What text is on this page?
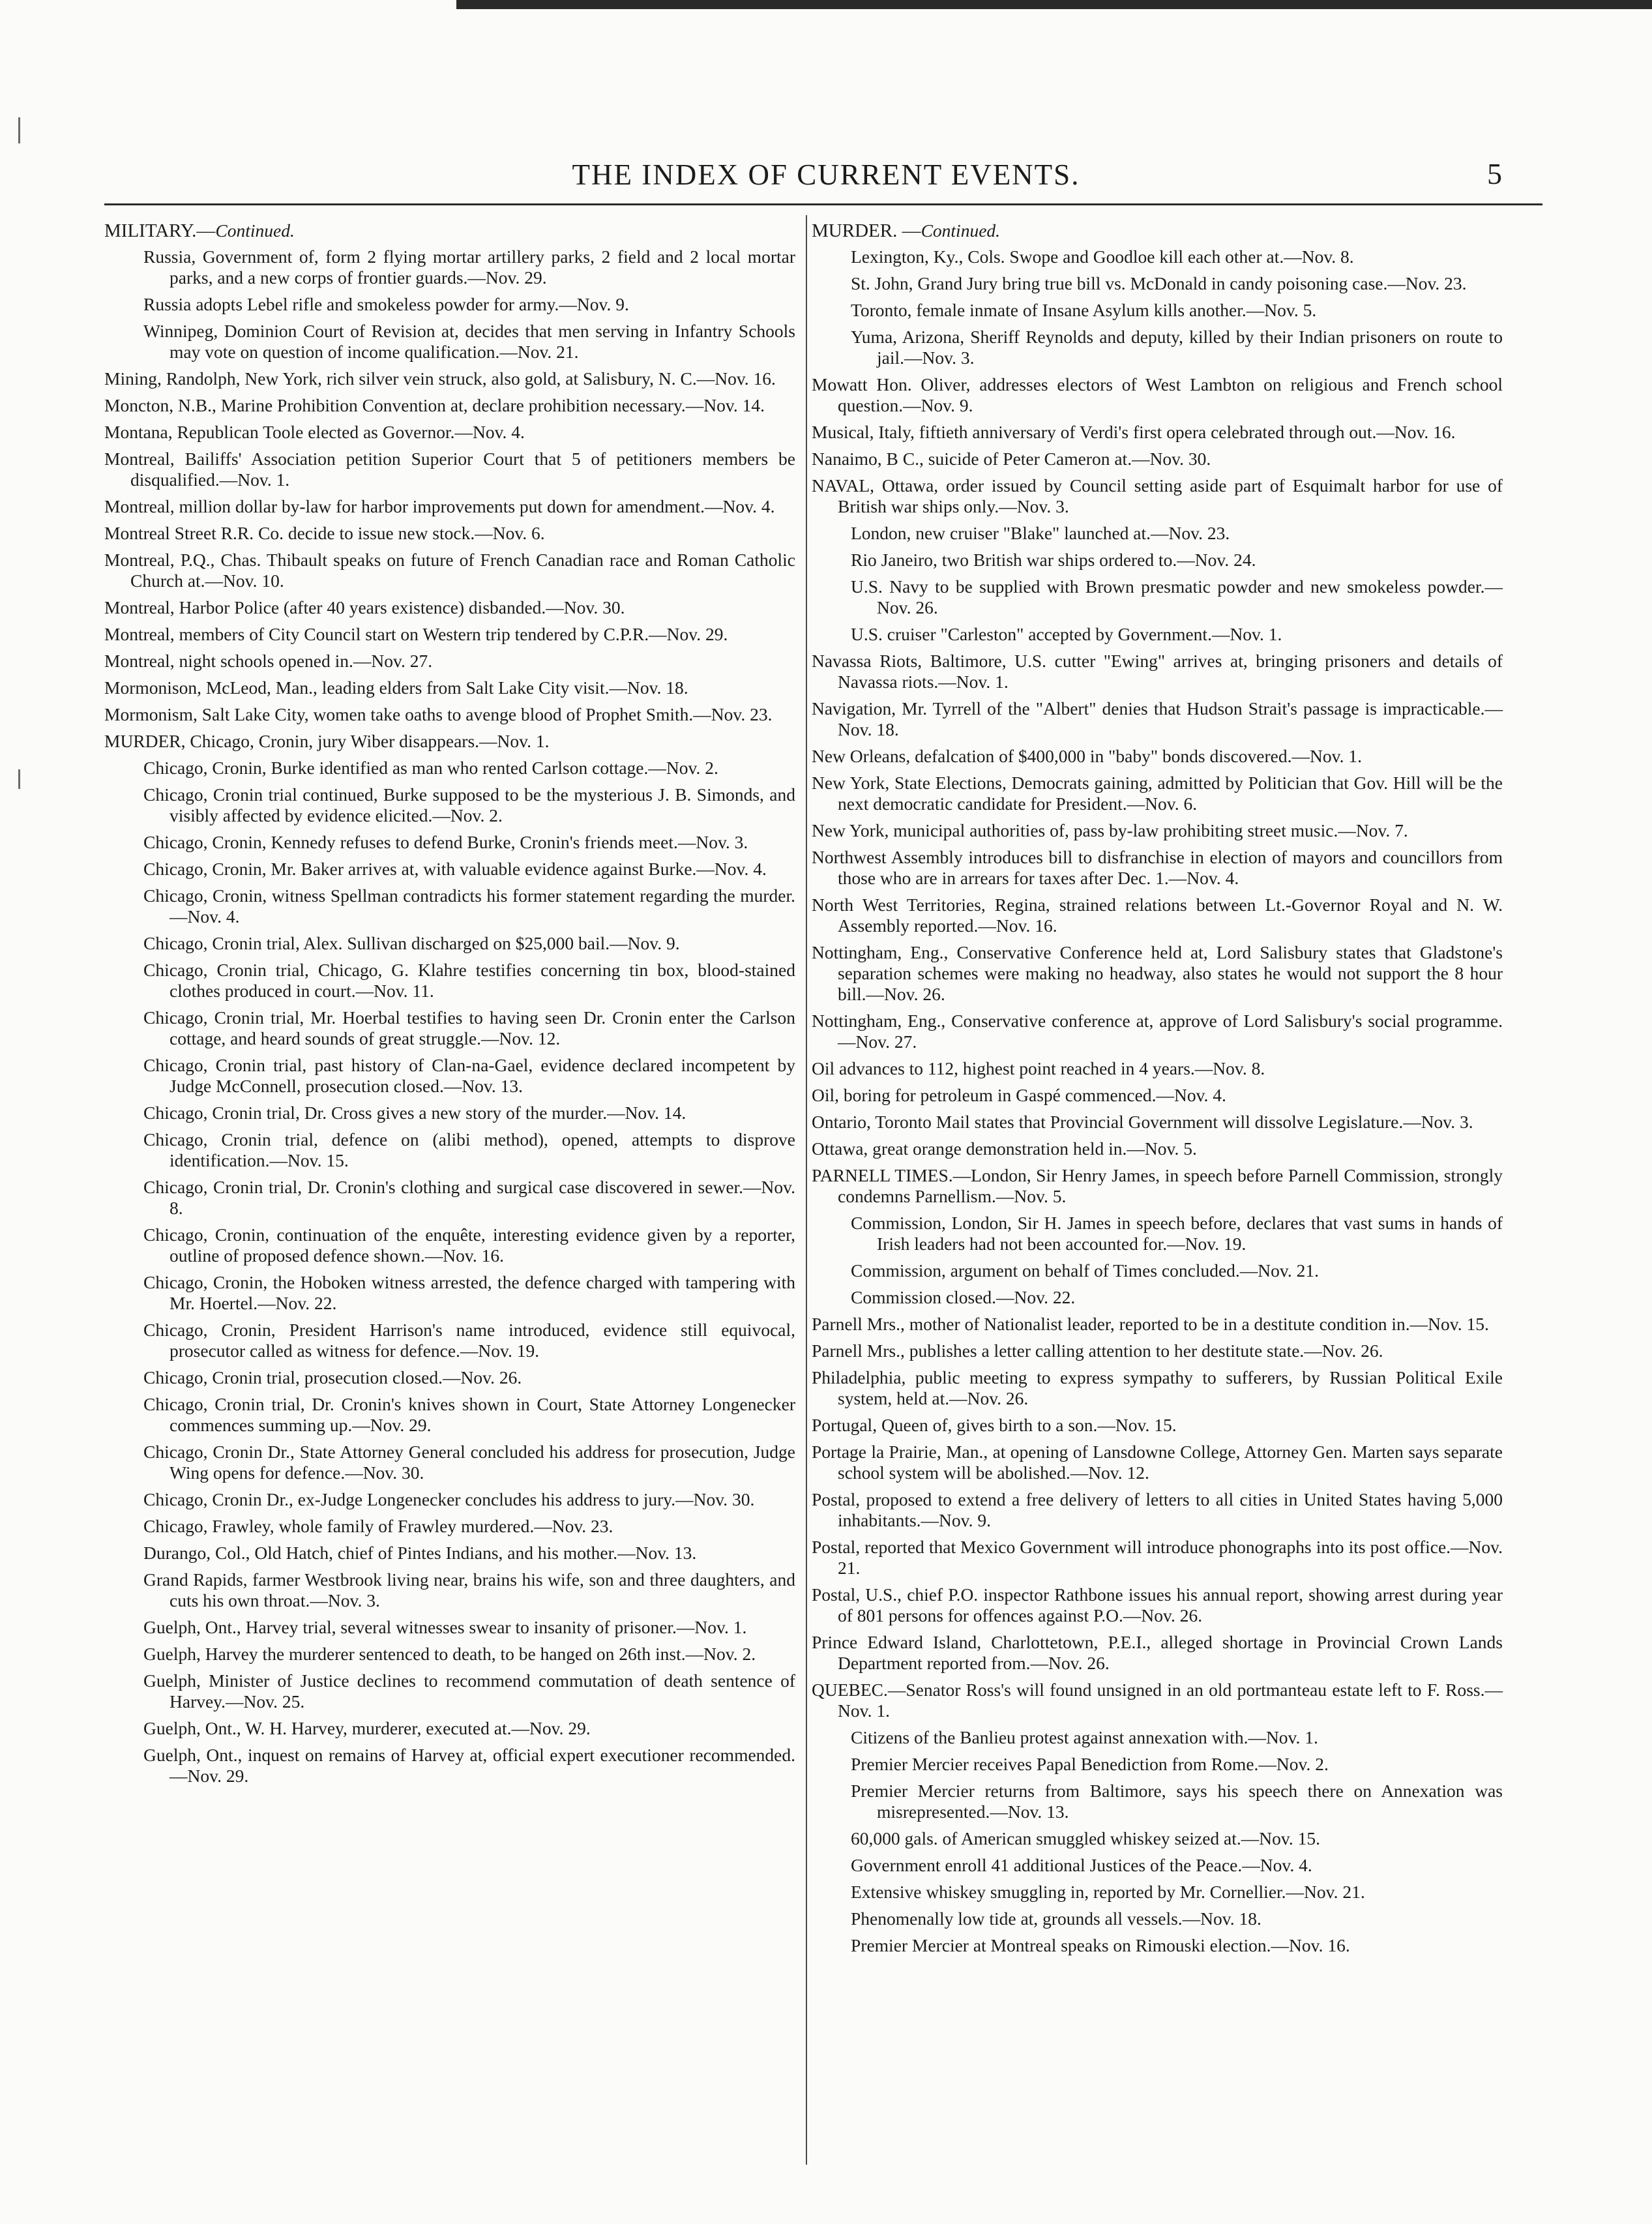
THE INDEX OF CURRENT EVENTS.	5

MILITARY.—Continued.

Russia, Government of, form 2 flying mortar artillery parks, 2 field and 2 local mortar parks, and a new corps of frontier guards.—Nov. 29.

Russia adopts Lebel rifle and smokeless powder for army.—Nov. 9.

Winnipeg, Dominion Court of Revision at, decides that men serving in Infantry Schools may vote on question of income qualification.—Nov. 21.

Mining, Randolph, New York, rich silver vein struck, also gold, at Salisbury, N. C.—Nov. 16.

Moncton, N.B., Marine Prohibition Convention at, declare prohibition necessary.—Nov. 14.

Montana, Republican Toole elected as Governor.—Nov. 4.

Montreal, Bailiffs' Association petition Superior Court that 5 of petitioners members be disqualified.—Nov. 1.

Montreal, million dollar by-law for harbor improvements put down for amendment.—Nov. 4.

Montreal Street R.R. Co. decide to issue new stock.—Nov. 6.

Montreal, P.Q., Chas. Thibault speaks on future of French Canadian race and Roman Catholic Church at.—Nov. 10.

Montreal, Harbor Police (after 40 years existence) disbanded.—Nov. 30.

Montreal, members of City Council start on Western trip tendered by C.P.R.—Nov. 29.

Montreal, night schools opened in.—Nov. 27.

Mormonison, McLeod, Man., leading elders from Salt Lake City visit.—Nov. 18.

Mormonism, Salt Lake City, women take oaths to avenge blood of Prophet Smith.—Nov. 23.

MURDER, Chicago, Cronin, jury Wiber disappears.—Nov. 1.

Chicago, Cronin, Burke identified as man who rented Carlson cottage.—Nov. 2.

Chicago, Cronin trial continued, Burke supposed to be the mysterious J. B. Simonds, and visibly affected by evidence elicited.—Nov. 2.

Chicago, Cronin, Kennedy refuses to defend Burke, Cronin's friends meet.—Nov. 3.

Chicago, Cronin, Mr. Baker arrives at, with valuable evidence against Burke.—Nov. 4.

Chicago, Cronin, witness Spellman contradicts his former statement regarding the murder.—Nov. 4.

Chicago, Cronin trial, Alex. Sullivan discharged on $25,000 bail.—Nov. 9.

Chicago, Cronin trial, Chicago, G. Klahre testifies concerning tin box, blood-stained clothes produced in court.—Nov. 11.

Chicago, Cronin trial, Mr. Hoerbal testifies to having seen Dr. Cronin enter the Carlson cottage, and heard sounds of great struggle.—Nov. 12.

Chicago, Cronin trial, past history of Clan-na-Gael, evidence declared incompetent by Judge McConnell, prosecution closed.—Nov. 13.

Chicago, Cronin trial, Dr. Cross gives a new story of the murder.—Nov. 14.

Chicago, Cronin trial, defence on (alibi method), opened, attempts to disprove identification.—Nov. 15.

Chicago, Cronin trial, Dr. Cronin's clothing and surgical case discovered in sewer.—Nov. 8.

Chicago, Cronin, continuation of the enquête, interesting evidence given by a reporter, outline of proposed defence shown.—Nov. 16.

Chicago, Cronin, the Hoboken witness arrested, the defence charged with tampering with Mr. Hoertel.—Nov. 22.

Chicago, Cronin, President Harrison's name introduced, evidence still equivocal, prosecutor called as witness for defence.—Nov. 19.

Chicago, Cronin trial, prosecution closed.—Nov. 26.

Chicago, Cronin trial, Dr. Cronin's knives shown in Court, State Attorney Longenecker commences summing up.—Nov. 29.

Chicago, Cronin Dr., State Attorney General concluded his address for prosecution, Judge Wing opens for defence.—Nov. 30.

Chicago, Cronin Dr., ex-Judge Longenecker concludes his address to jury.—Nov. 30.

Chicago, Frawley, whole family of Frawley murdered.—Nov. 23.

Durango, Col., Old Hatch, chief of Pintes Indians, and his mother.—Nov. 13.

Grand Rapids, farmer Westbrook living near, brains his wife, son and three daughters, and cuts his own throat.—Nov. 3.

Guelph, Ont., Harvey trial, several witnesses swear to insanity of prisoner.—Nov. 1.

Guelph, Harvey the murderer sentenced to death, to be hanged on 26th inst.—Nov. 2.

Guelph, Minister of Justice declines to recommend commutation of death sentence of Harvey.—Nov. 25.

Guelph, Ont., W. H. Harvey, murderer, executed at.—Nov. 29.

Guelph, Ont., inquest on remains of Harvey at, official expert executioner recommended.—Nov. 29.

MURDER. —Continued.

Lexington, Ky., Cols. Swope and Goodloe kill each other at.—Nov. 8.

St. John, Grand Jury bring true bill vs. McDonald in candy poisoning case.—Nov. 23.

Toronto, female inmate of Insane Asylum kills another.—Nov. 5.

Yuma, Arizona, Sheriff Reynolds and deputy, killed by their Indian prisoners on route to jail.—Nov. 3.

Mowatt Hon. Oliver, addresses electors of West Lambton on religious and French school question.—Nov. 9.

Musical, Italy, fiftieth anniversary of Verdi's first opera celebrated through out.—Nov. 16.

Nanaimo, B C., suicide of Peter Cameron at.—Nov. 30.

NAVAL, Ottawa, order issued by Council setting aside part of Esquimalt harbor for use of British war ships only.—Nov. 3.

London, new cruiser "Blake" launched at.—Nov. 23.

Rio Janeiro, two British war ships ordered to.—Nov. 24.

U.S. Navy to be supplied with Brown presmatic powder and new smokeless powder.—Nov. 26.

U.S. cruiser "Carleston" accepted by Government.—Nov. 1.

Navassa Riots, Baltimore, U.S. cutter "Ewing" arrives at, bringing prisoners and details of Navassa riots.—Nov. 1.

Navigation, Mr. Tyrrell of the "Albert" denies that Hudson Strait's passage is impracticable.—Nov. 18.

New Orleans, defalcation of $400,000 in "baby" bonds discovered.—Nov. 1.

New York, State Elections, Democrats gaining, admitted by Politician that Gov. Hill will be the next democratic candidate for President.—Nov. 6.

New York, municipal authorities of, pass by-law prohibiting street music.—Nov. 7.

Northwest Assembly introduces bill to disfranchise in election of mayors and councillors from those who are in arrears for taxes after Dec. 1.—Nov. 4.

North West Territories, Regina, strained relations between Lt.-Governor Royal and N. W. Assembly reported.—Nov. 16.

Nottingham, Eng., Conservative Conference held at, Lord Salisbury states that Gladstone's separation schemes were making no headway, also states he would not support the 8 hour bill.—Nov. 26.

Nottingham, Eng., Conservative conference at, approve of Lord Salisbury's social programme.—Nov. 27.

Oil advances to 112, highest point reached in 4 years.—Nov. 8.

Oil, boring for petroleum in Gaspé commenced.—Nov. 4.

Ontario, Toronto Mail states that Provincial Government will dissolve Legislature.—Nov. 3.

Ottawa, great orange demonstration held in.—Nov. 5.

PARNELL TIMES.—London, Sir Henry James, in speech before Parnell Commission, strongly condemns Parnellism.—Nov. 5.

Commission, London, Sir H. James in speech before, declares that vast sums in hands of Irish leaders had not been accounted for.—Nov. 19.

Commission, argument on behalf of Times concluded.—Nov. 21.

Commission closed.—Nov. 22.

Parnell Mrs., mother of Nationalist leader, reported to be in a destitute condition in.—Nov. 15.

Parnell Mrs., publishes a letter calling attention to her destitute state.—Nov. 26.

Philadelphia, public meeting to express sympathy to sufferers, by Russian Political Exile system, held at.—Nov. 26.

Portugal, Queen of, gives birth to a son.—Nov. 15.

Portage la Prairie, Man., at opening of Lansdowne College, Attorney Gen. Marten says separate school system will be abolished.—Nov. 12.

Postal, proposed to extend a free delivery of letters to all cities in United States having 5,000 inhabitants.—Nov. 9.

Postal, reported that Mexico Government will introduce phonographs into its post office.—Nov. 21.

Postal, U.S., chief P.O. inspector Rathbone issues his annual report, showing arrest during year of 801 persons for offences against P.O.—Nov. 26.

Prince Edward Island, Charlottetown, P.E.I., alleged shortage in Provincial Crown Lands Department reported from.—Nov. 26.

QUEBEC.—Senator Ross's will found unsigned in an old portmanteau estate left to F. Ross.—Nov. 1.

Citizens of the Banlieu protest against annexation with.—Nov. 1.

Premier Mercier receives Papal Benediction from Rome.—Nov. 2.

Premier Mercier returns from Baltimore, says his speech there on Annexation was misrepresented.—Nov. 13.

60,000 gals. of American smuggled whiskey seized at.—Nov. 15.

Government enroll 41 additional Justices of the Peace.—Nov. 4.

Extensive whiskey smuggling in, reported by Mr. Cornellier.—Nov. 21.

Phenomenally low tide at, grounds all vessels.—Nov. 18.

Premier Mercier at Montreal speaks on Rimouski election.—Nov. 16.
